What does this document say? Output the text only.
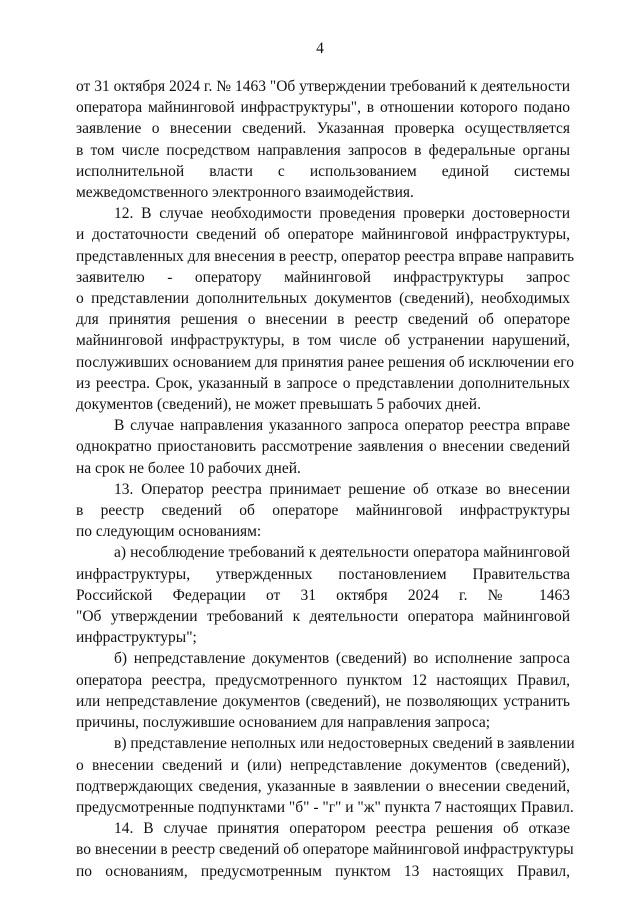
4
от 31 октября 2024 г. № 1463 "Об утверждении требований к деятельности
оператора майнинговой инфраструктуры", в отношении которого подано
заявление о внесении сведений. Указанная проверка осуществляется
в том числе посредством направления запросов в федеральные органы
исполнительной власти с использованием единой системы
межведомственного электронного взаимодействия.
12. В случае необходимости проведения проверки достоверности
и достаточности сведений об операторе майнинговой инфраструктуры,
представленных для внесения в реестр, оператор реестра вправе направить
заявителю - оператору майнинговой инфраструктуры запрос
о представлении дополнительных документов (сведений), необходимых
для принятия решения о внесении в реестр сведений об операторе
майнинговой инфраструктуры, в том числе об устранении нарушений,
послуживших основанием для принятия ранее решения об исключении его
из реестра. Срок, указанный в запросе о представлении дополнительных
документов (сведений), не может превышать 5 рабочих дней.
В случае направления указанного запроса оператор реестра вправе
однократно приостановить рассмотрение заявления о внесении сведений
на срок не более 10 рабочих дней.
13. Оператор реестра принимает решение об отказе во внесении
в реестр сведений об операторе майнинговой инфраструктуры
по следующим основаниям:
а) несоблюдение требований к деятельности оператора майнинговой
инфраструктуры, утвержденных постановлением Правительства
Российской Федерации от 31 октября 2024 г. № 1463
"Об утверждении требований к деятельности оператора майнинговой
инфраструктуры";
б) непредставление документов (сведений) во исполнение запроса
оператора реестра, предусмотренного пунктом 12 настоящих Правил,
или непредставление документов (сведений), не позволяющих устранить
причины, послужившие основанием для направления запроса;
в) представление неполных или недостоверных сведений в заявлении
о внесении сведений и (или) непредставление документов (сведений),
подтверждающих сведения, указанные в заявлении о внесении сведений,
предусмотренные подпунктами "б" - "г" и "ж" пункта 7 настоящих Правил.
14. В случае принятия оператором реестра решения об отказе
во внесении в реестр сведений об операторе майнинговой инфраструктуры
по основаниям, предусмотренным пунктом 13 настоящих Правил,
